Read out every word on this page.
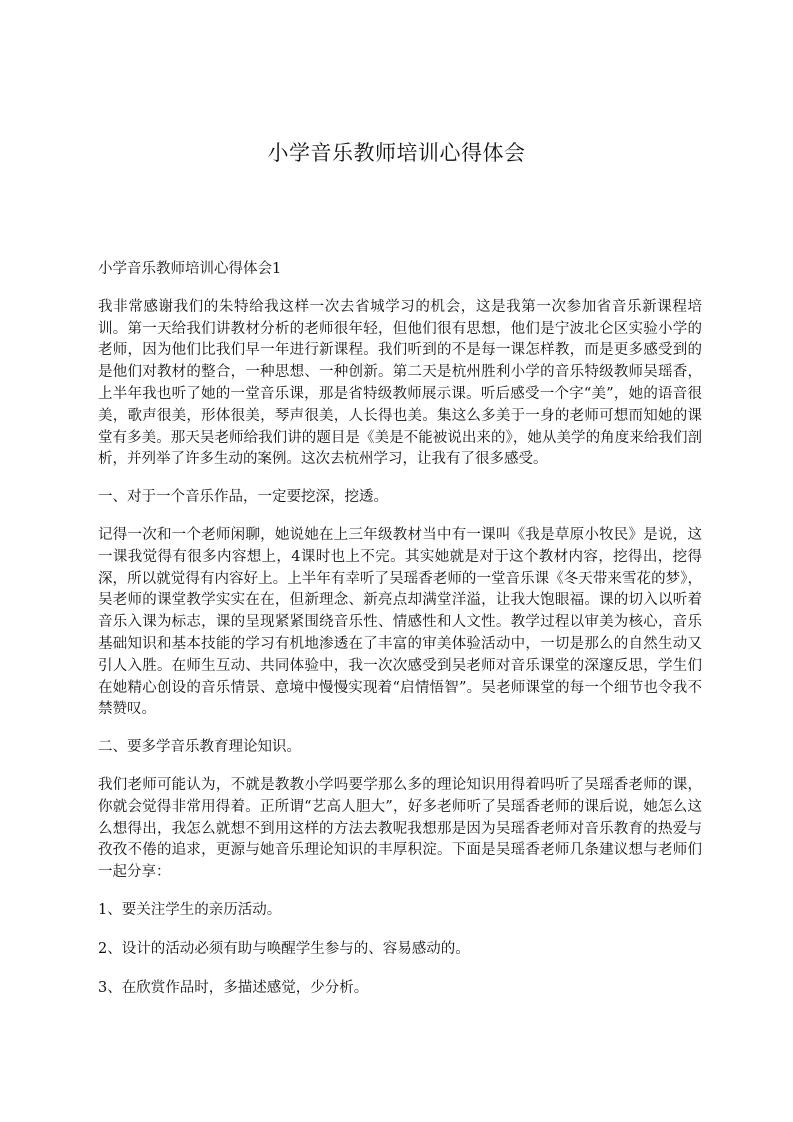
小学音乐教师培训心得体会

小学音乐教师培训心得体会1

我非常感谢我们的朱特给我这样一次去省城学习的机会，这是我第一次参加省音乐新课程培训。第一天给我们讲教材分析的老师很年轻，但他们很有思想，他们是宁波北仑区实验小学的老师，因为他们比我们早一年进行新课程。我们听到的不是每一课怎样教，而是更多感受到的是他们对教材的整合，一种思想、一种创新。第二天是杭州胜利小学的音乐特级教师吴瑶香，上半年我也听了她的一堂音乐课，那是省特级教师展示课。听后感受一个字“美”，她的语音很美，歌声很美，形体很美，琴声很美，人长得也美。集这么多美于一身的老师可想而知她的课堂有多美。那天吴老师给我们讲的题目是《美是不能被说出来的》，她从美学的角度来给我们剖析，并列举了许多生动的案例。这次去杭州学习，让我有了很多感受。

一、对于一个音乐作品，一定要挖深，挖透。

记得一次和一个老师闲聊，她说她在上三年级教材当中有一课叫《我是草原小牧民》是说，这一课我觉得有很多内容想上，4课时也上不完。其实她就是对于这个教材内容，挖得出，挖得深，所以就觉得有内容好上。上半年有幸听了吴瑶香老师的一堂音乐课《冬天带来雪花的梦》，吴老师的课堂教学实实在在，但新理念、新亮点却满堂洋溢，让我大饱眼福。课的切入以听着音乐入课为标志，课的呈现紧紧围绕音乐性、情感性和人文性。教学过程以审美为核心，音乐基础知识和基本技能的学习有机地渗透在了丰富的审美体验活动中，一切是那么的自然生动又引人入胜。在师生互动、共同体验中，我一次次感受到吴老师对音乐课堂的深邃反思，学生们在她精心创设的音乐情景、意境中慢慢实现着“启情悟智”。吴老师课堂的每一个细节也令我不禁赞叹。

二、要多学音乐教育理论知识。

我们老师可能认为，不就是教教小学吗要学那么多的理论知识用得着吗听了吴瑶香老师的课，你就会觉得非常用得着。正所谓“艺高人胆大”，好多老师听了吴瑶香老师的课后说，她怎么这么想得出，我怎么就想不到用这样的方法去教呢我想那是因为吴瑶香老师对音乐教育的热爱与孜孜不倦的追求，更源与她音乐理论知识的丰厚积淀。下面是吴瑶香老师几条建议想与老师们一起分享：

1、要关注学生的亲历活动。

2、设计的活动必须有助与唤醒学生参与的、容易感动的。

3、在欣赏作品时，多描述感觉，少分析。
